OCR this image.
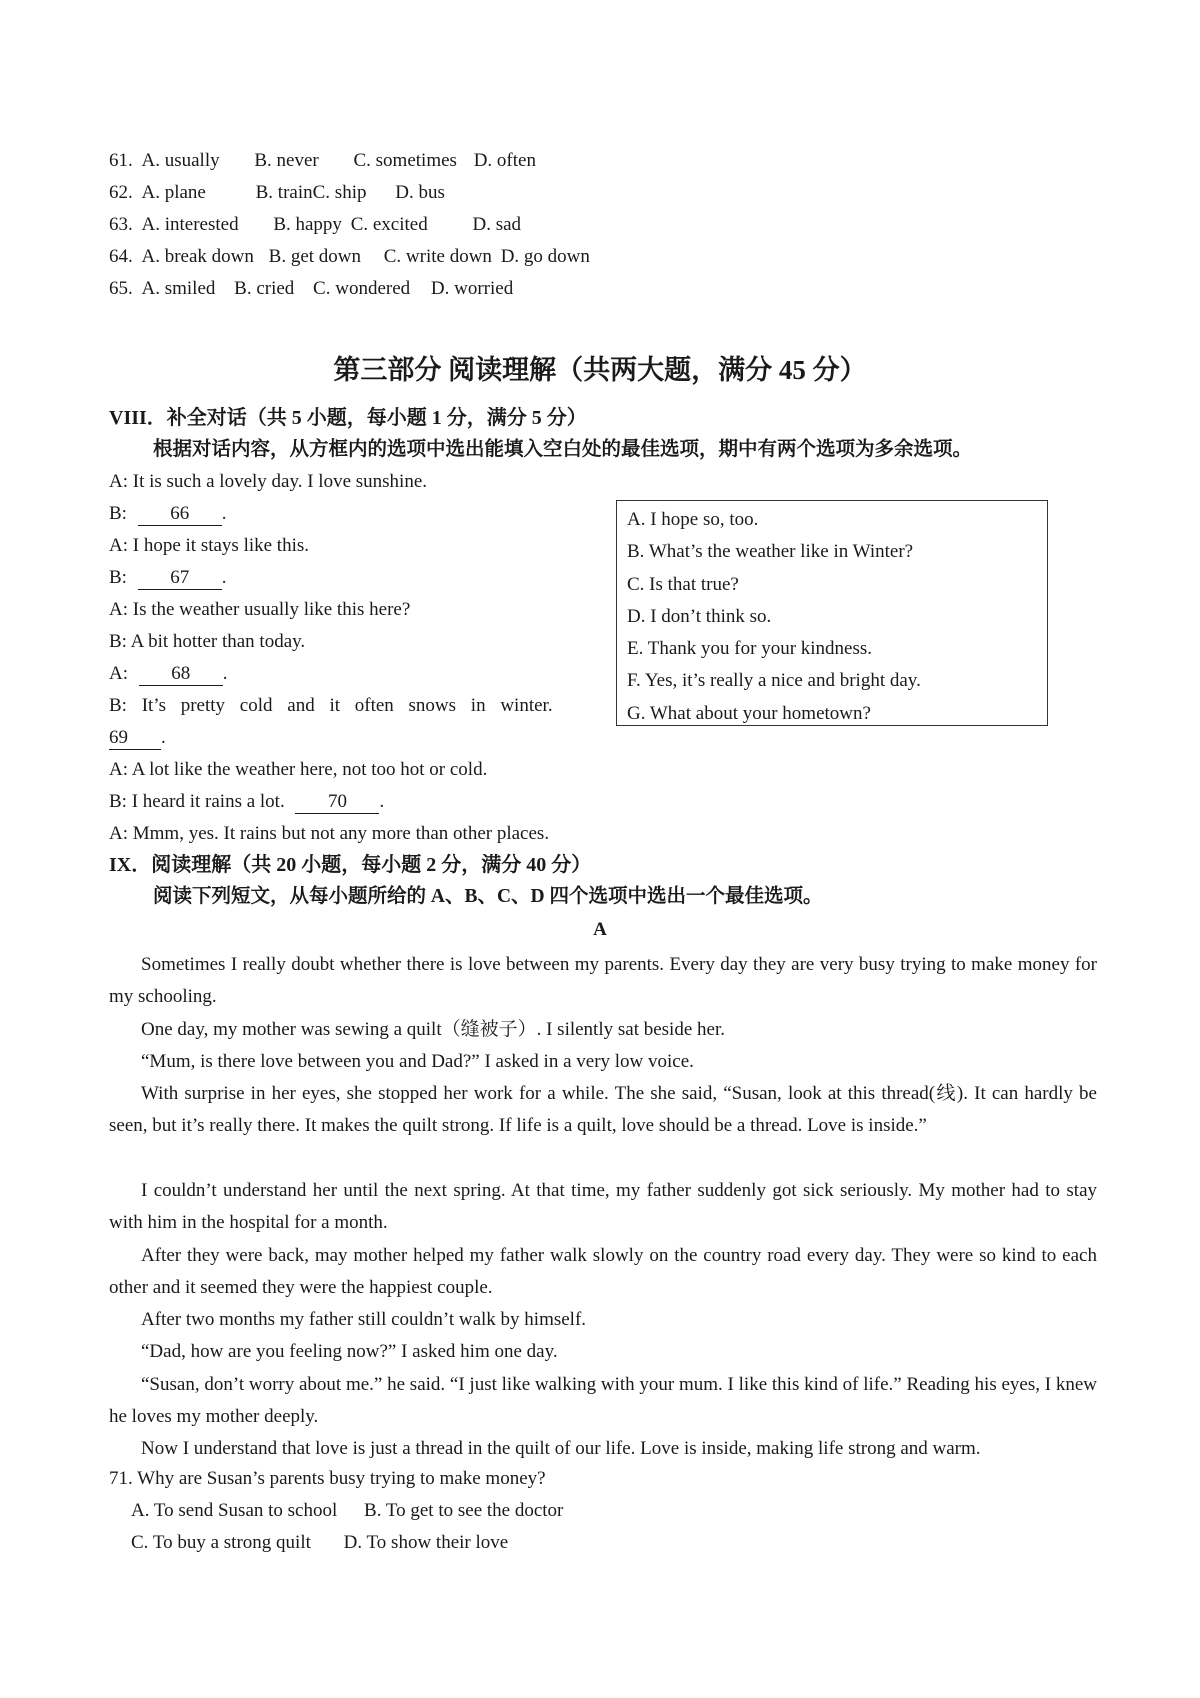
61. A. usually B. never C. sometimes D. often
62. A. plane	B. trainC. ship D. bus
63. A. interested B. happy C. excited D. sad
64. A. break down B. get down C. write down D. go down
65. A. smiled B. cried C. wondered D. worried
第三部分 阅读理解（共两大题，满分 45 分）
VIII．补全对话（共 5 小题，每小题 1 分，满分 5 分）
根据对话内容，从方框内的选项中选出能填入空白处的最佳选项，期中有两个选项为多余选项。
A: It is such a lovely day. I love sunshine.
B: 66 .
A: I hope it stays like this.
B: 67 .
A: Is the weather usually like this here?
B: A bit hotter than today.
A: 68 .
B: It’s pretty cold and it often snows in winter.
69 .
A: A lot like the weather here, not too hot or cold.
B: I heard it rains a lot. 70 .
A: Mmm, yes. It rains but not any more than other places.
A. I hope so, too.
B. What’s the weather like in Winter?
C. Is that true?
D. I don’t think so.
E. Thank you for your kindness.
F. Yes, it’s really a nice and bright day.
G. What about your hometown?
IX．阅读理解（共 20 小题，每小题 2 分，满分 40 分）
阅读下列短文，从每小题所给的 A、B、C、D 四个选项中选出一个最佳选项。
A
Sometimes I really doubt whether there is love between my parents. Every day they are very busy trying to make money for my schooling.
One day, my mother was sewing a quilt（缝被子）. I silently sat beside her.
“Mum, is there love between you and Dad?” I asked in a very low voice.
With surprise in her eyes, she stopped her work for a while. The she said, “Susan, look at this thread(线). It can hardly be seen, but it’s really there. It makes the quilt strong. If life is a quilt, love should be a thread. Love is inside.”
I couldn’t understand her until the next spring. At that time, my father suddenly got sick seriously. My mother had to stay with him in the hospital for a month.
After they were back, may mother helped my father walk slowly on the country road every day. They were so kind to each other and it seemed they were the happiest couple.
After two months my father still couldn’t walk by himself.
“Dad, how are you feeling now?” I asked him one day.
“Susan, don’t worry about me.” he said. “I just like walking with your mum. I like this kind of life.” Reading his eyes, I knew he loves my mother deeply.
Now I understand that love is just a thread in the quilt of our life. Love is inside, making life strong and warm.
71. Why are Susan’s parents busy trying to make money?
A. To send Susan to school B. To get to see the doctor
C. To buy a strong quilt D. To show their love
